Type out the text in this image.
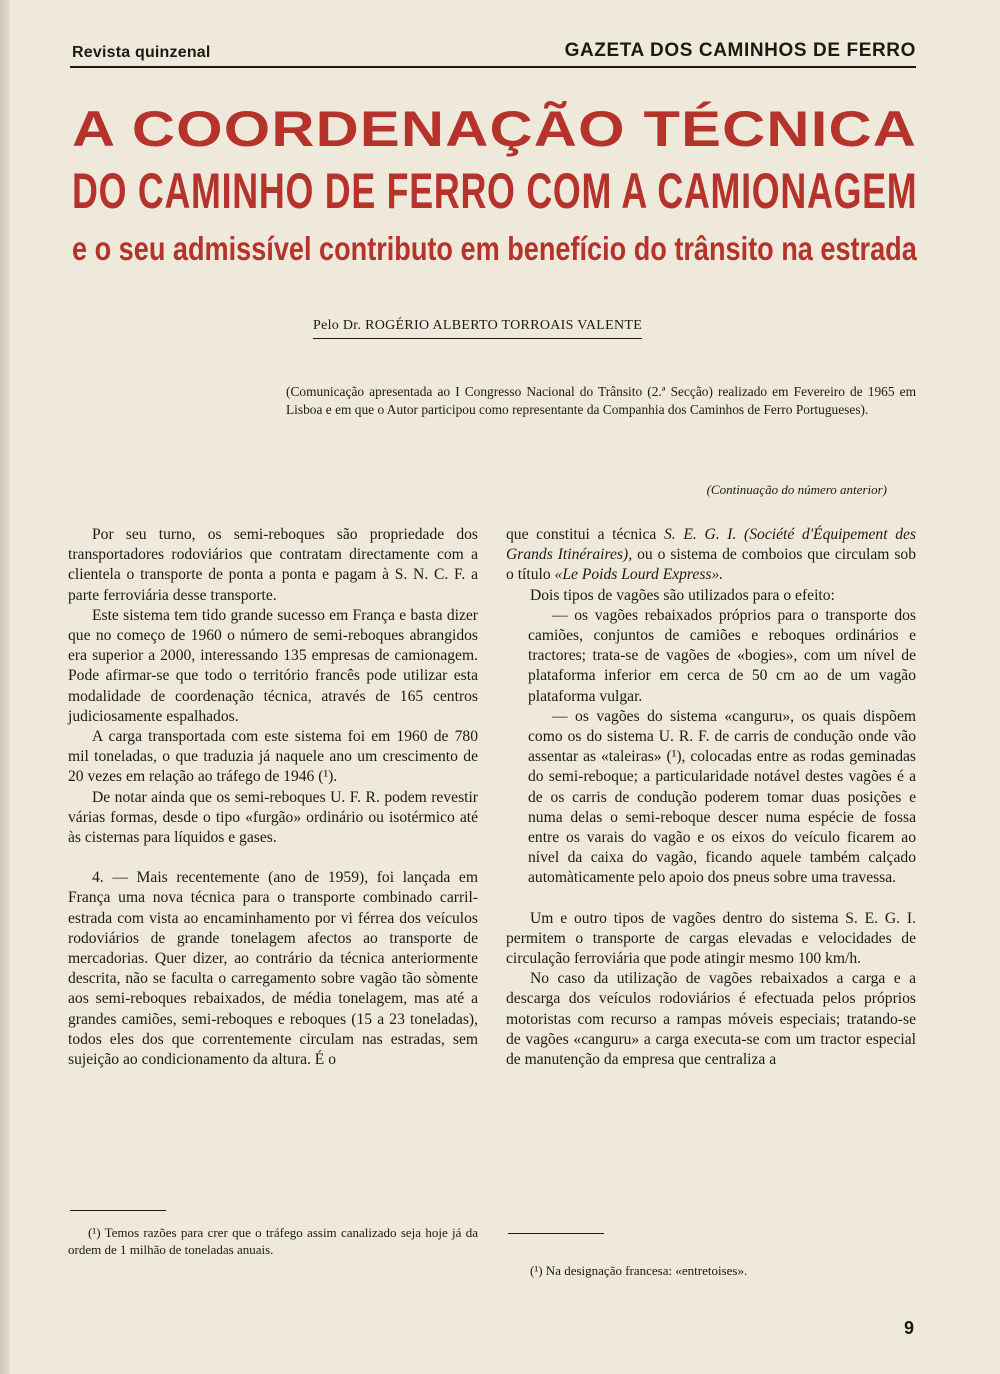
Revista quinzenal	GAZETA DOS CAMINHOS DE FERRO
A COORDENAÇÃO TÉCNICA
DO CAMINHO DE FERRO COM A CAMIONAGEM
e o seu admissível contributo em benefício do trânsito na estrada
Pelo Dr. ROGÉRIO ALBERTO TORROAIS VALENTE
(Comunicação apresentada ao I Congresso Nacional do Trânsito (2.ª Secção) realizado em Fevereiro de 1965 em Lisboa e em que o Autor participou como representante da Companhia dos Caminhos de Ferro Portugueses).
(Continuação do número anterior)

Por seu turno, os semi-reboques são propriedade dos transportadores rodoviários que contratam directamente com a clientela o transporte de ponta a ponta e pagam à S. N. C. F. a parte ferroviária desse transporte.

Este sistema tem tido grande sucesso em França e basta dizer que no começo de 1960 o número de semi-reboques abrangidos era superior a 2000, interessando 135 empresas de camionagem. Pode afirmar-se que todo o território francês pode utilizar esta modalidade de coordenação técnica, através de 165 centros judiciosamente espalhados.

A carga transportada com este sistema foi em 1960 de 780 mil toneladas, o que traduzia já naquele ano um crescimento de 20 vezes em relação ao tráfego de 1946 (¹).

De notar ainda que os semi-reboques U. F. R. podem revestir várias formas, desde o tipo «furgão» ordinário ou isotérmico até às cisternas para líquidos e gases.

4. — Mais recentemente (ano de 1959), foi lançada em França uma nova técnica para o transporte combinado carril-estrada com vista ao encaminhamento por vi férrea dos veículos rodoviários de grande tonelagem afectos ao transporte de mercadorias. Quer dizer, ao contrário da técnica anteriormente descrita, não se faculta o carregamento sobre vagão tão sòmente aos semi-reboques rebaixados, de média tonelagem, mas até a grandes camiões, semi-reboques e reboques (15 a 23 toneladas), todos eles dos que correntemente circulam nas estradas, sem sujeição ao condicionamento da altura. É o

que constitui a técnica S. E. G. I. (Société d'Équipement des Grands Itinéraires), ou o sistema de comboios que circulam sob o título «Le Poids Lourd Express».

Dois tipos de vagões são utilizados para o efeito:

— os vagões rebaixados próprios para o transporte dos camiões, conjuntos de camiões e reboques ordinários e tractores; trata-se de vagões de «bogies», com um nível de plataforma inferior em cerca de 50 cm ao de um vagão plataforma vulgar.

— os vagões do sistema «canguru», os quais dispõem como os do sistema U. R. F. de carris de condução onde vão assentar as «taleiras» (¹), colocadas entre as rodas geminadas do semi-reboque; a particularidade notável destes vagões é a de os carris de condução poderem tomar duas posições e numa delas o semi-reboque descer numa espécie de fossa entre os varais do vagão e os eixos do veículo ficarem ao nível da caixa do vagão, ficando aquele também calçado automàticamente pelo apoio dos pneus sobre uma travessa.

Um e outro tipos de vagões dentro do sistema S. E. G. I. permitem o transporte de cargas elevadas e velocidades de circulação ferroviária que pode atingir mesmo 100 km/h.

No caso da utilização de vagões rebaixados a carga e a descarga dos veículos rodoviários é efectuada pelos próprios motoristas com recurso a rampas móveis especiais; tratando-se de vagões «canguru» a carga executa-se com um tractor especial de manutenção da empresa que centraliza a

(¹) Temos razões para crer que o tráfego assim canalizado seja hoje já da ordem de 1 milhão de toneladas anuais.
(¹) Na designação francesa: «entretoises».
9
